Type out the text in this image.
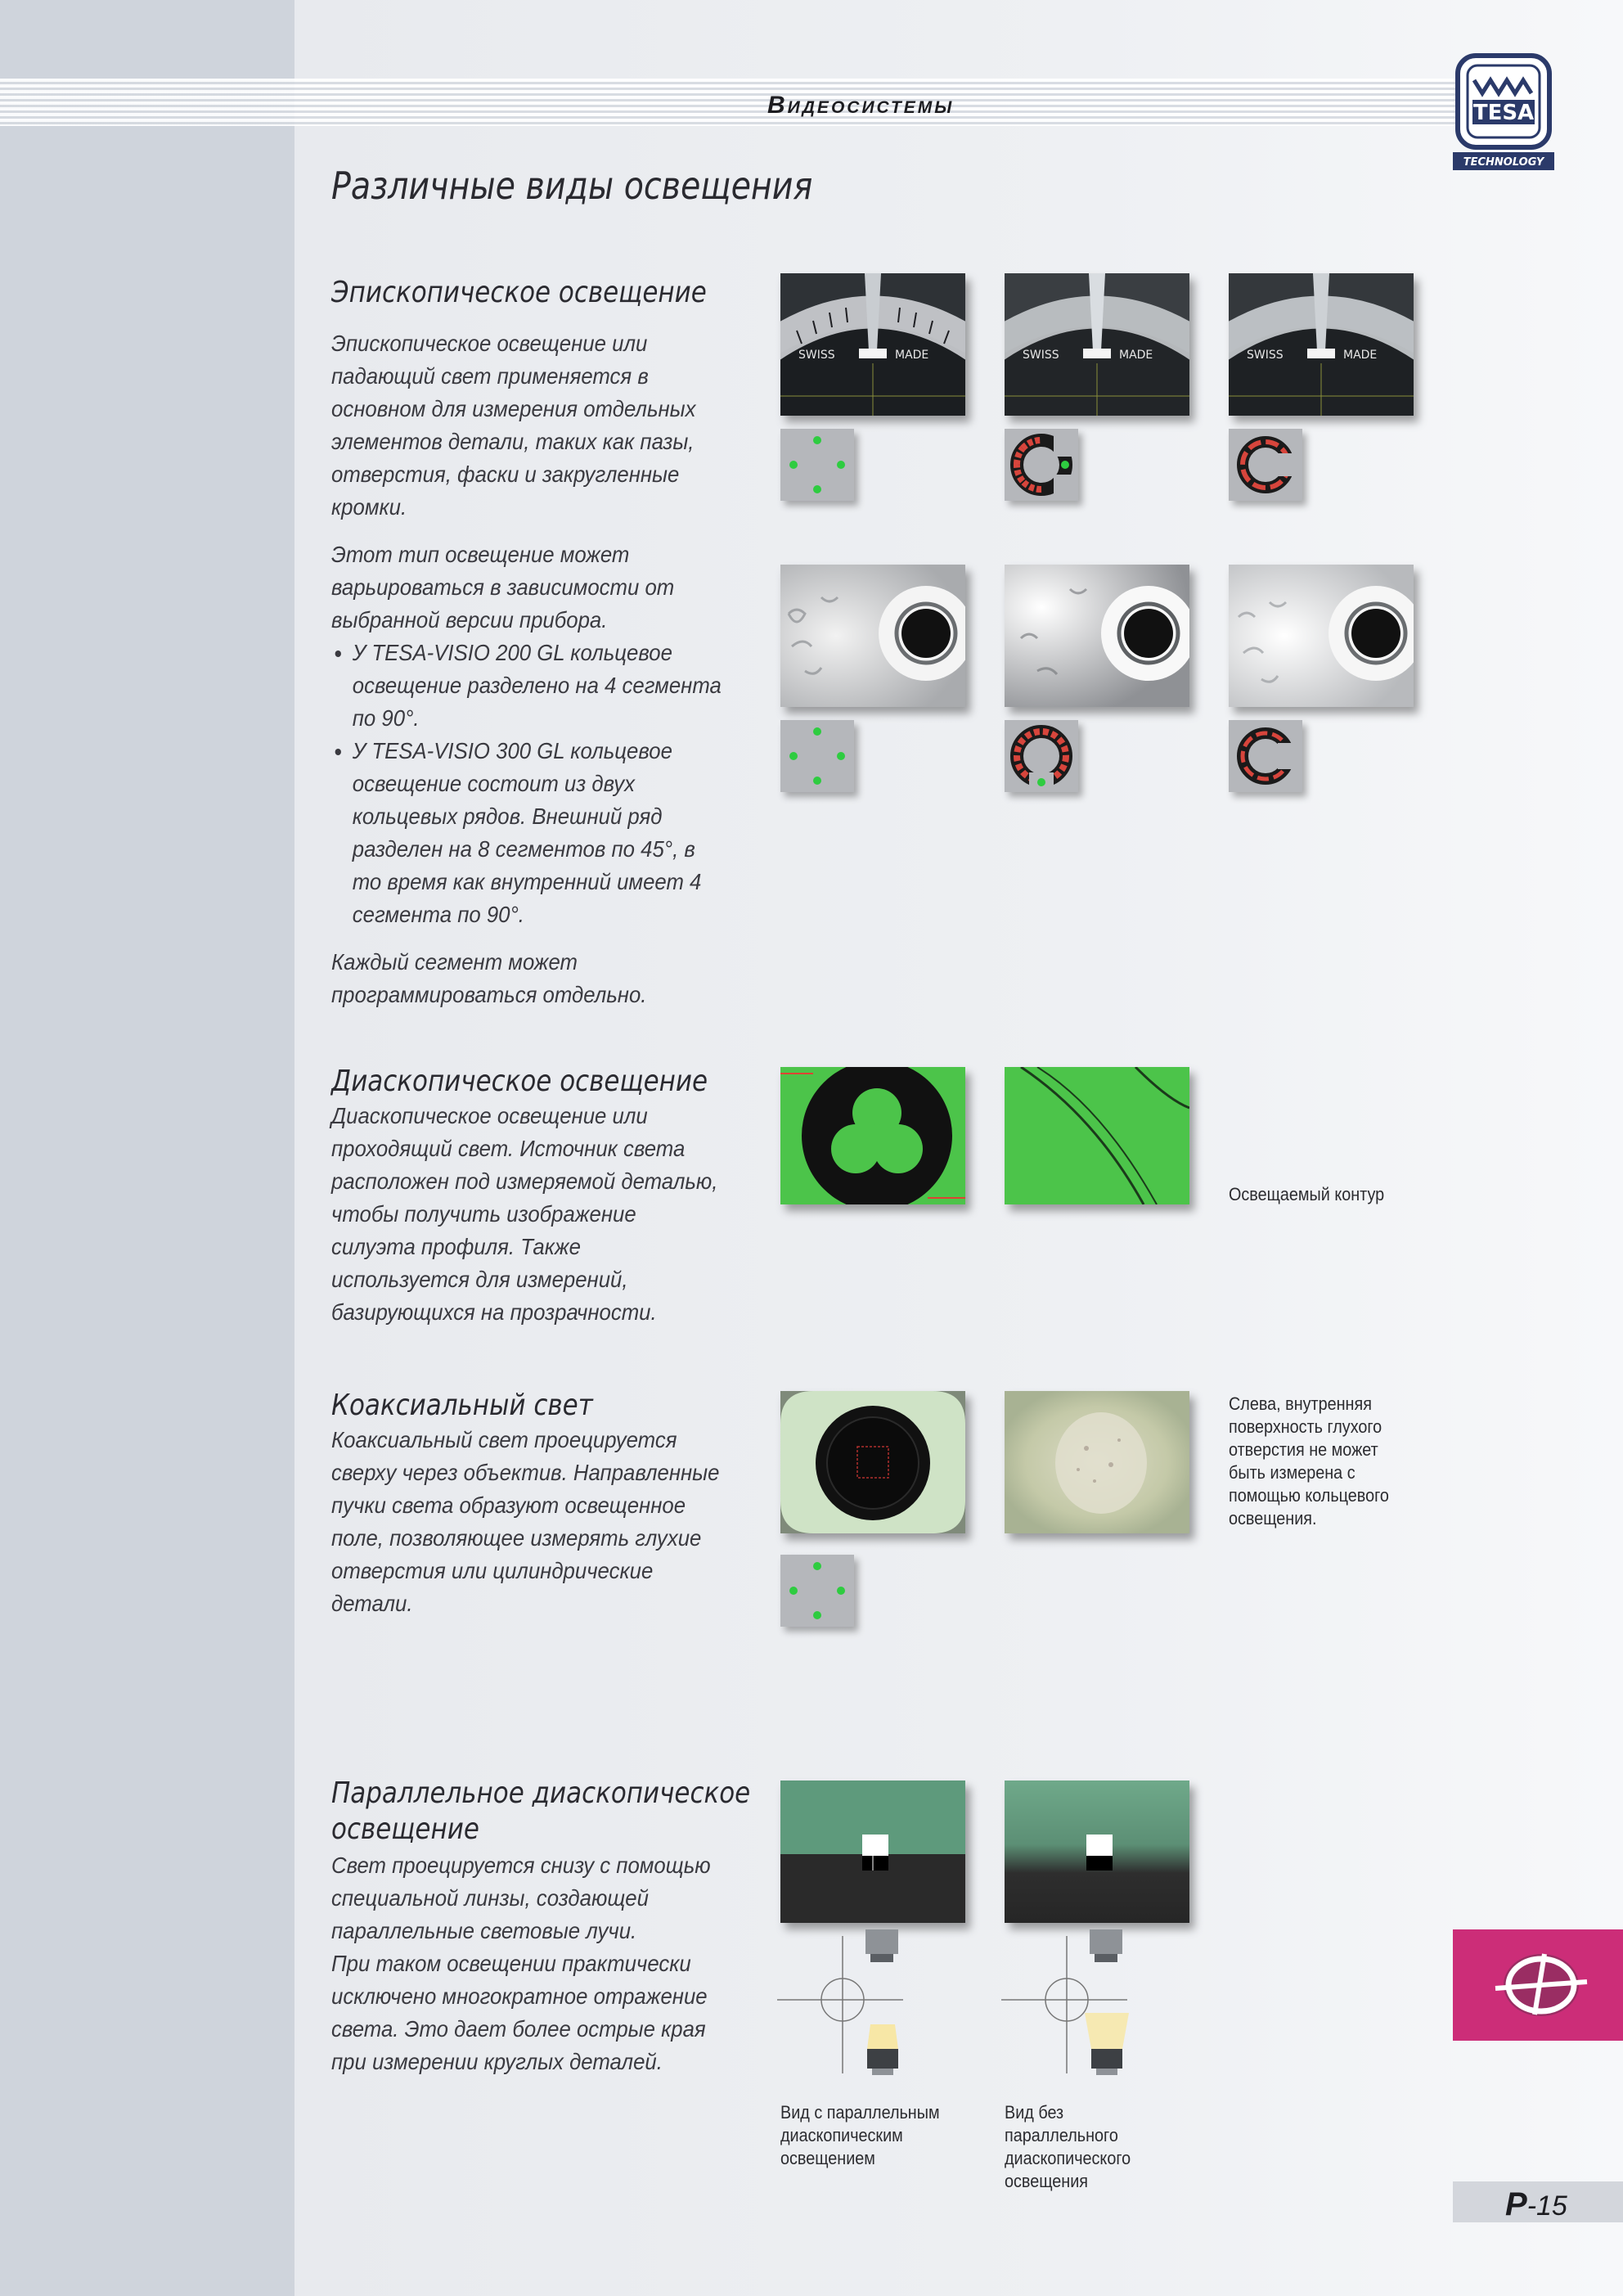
Видеосистемы	TESA
TECHNOLOGY
Различные виды освещения
Эпископическое освещение

Эпископическое освещение или падающий свет применяется в основном для измерения отдельных элементов детали, таких как пазы, отверстия, фаски и закругленные кромки.

Этот тип освещение может варьироваться в зависимости от выбранной версии прибора.

• У TESA-VISIO 200 GL кольцевое освещение разделено на 4 сегмента по 90°.
• У TESA-VISIO 300 GL кольцевое освещение состоит из двух кольцевых рядов. Внешний ряд разделен на 8 сегментов по 45°, в то время как внутренний имеет 4 сегмента по 90°.

Каждый сегмент может программироваться отдельно.

SWISS	MADE	SWISS	MADE	SWISS	MADE
Диаскопическое освещение

Диаскопическое освещение или проходящий свет. Источник света расположен под измеряемой деталью, чтобы получить изображение силуэта профиля. Также используется для измерений, базирующихся на прозрачности.

Освещаемый контур
Коаксиальный свет

Коаксиальный свет проецируется сверху через объектив. Направленные пучки света образуют освещенное поле, позволяющее измерять глухие отверстия или цилиндрические детали.

Слева, внутренняя поверхность глухого отверстия не может быть измерена с помощью кольцевого освещения.
Параллельное диаскопическое
освещение

Свет проецируется снизу с помощью специальной линзы, создающей параллельные световые лучи.

При таком освещении практически исключено многократное отражение света. Это дает более острые края при измерении круглых деталей.

Вид с параллельным диаскопическим освещением
Вид без параллельного диаскопического освещения
P-15
